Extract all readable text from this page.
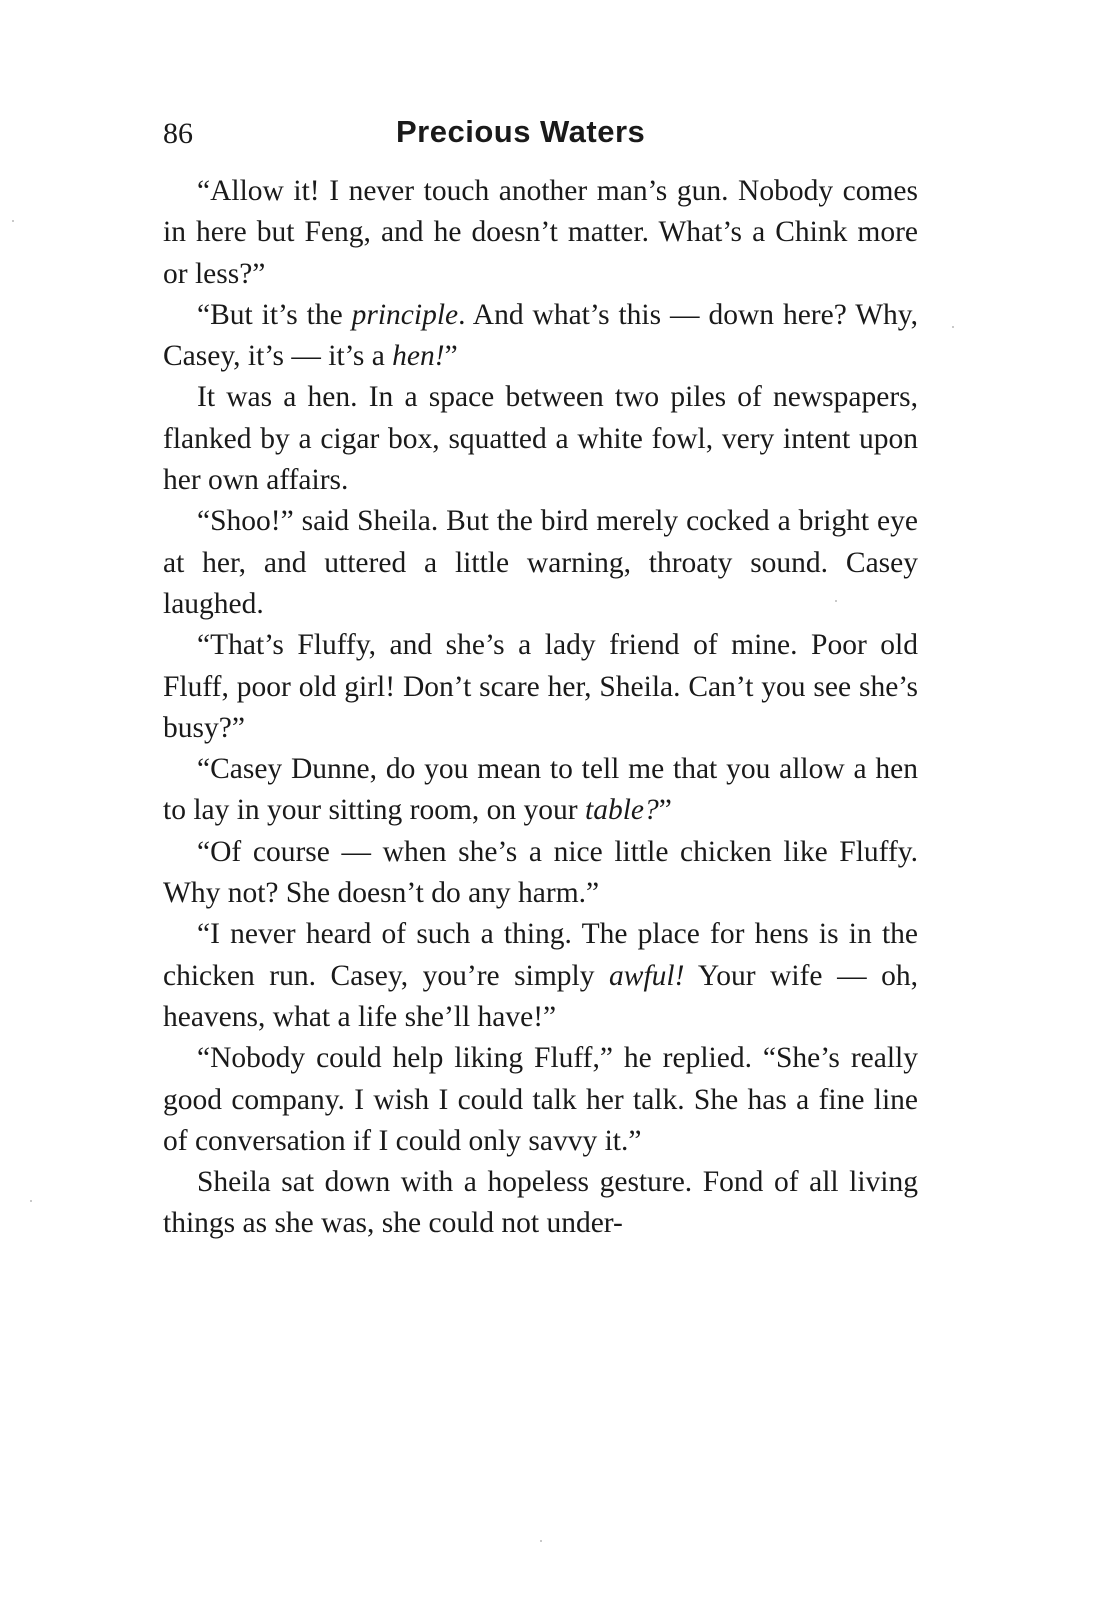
86	Precious Waters

“Allow it! I never touch another man’s gun. Nobody comes in here but Feng, and he doesn’t matter. What’s a Chink more or less?”

“But it’s the principle. And what’s this — down here? Why, Casey, it’s — it’s a hen!”

It was a hen. In a space between two piles of newspapers, flanked by a cigar box, squatted a white fowl, very intent upon her own affairs.

“Shoo!” said Sheila. But the bird merely cocked a bright eye at her, and uttered a little warning, throaty sound. Casey laughed.

“That’s Fluffy, and she’s a lady friend of mine. Poor old Fluff, poor old girl! Don’t scare her, Sheila. Can’t you see she’s busy?”

“Casey Dunne, do you mean to tell me that you allow a hen to lay in your sitting room, on your table?”

“Of course — when she’s a nice little chicken like Fluffy. Why not? She doesn’t do any harm.”

“I never heard of such a thing. The place for hens is in the chicken run. Casey, you’re simply awful! Your wife — oh, heavens, what a life she’ll have!”

“Nobody could help liking Fluff,” he replied. “She’s really good company. I wish I could talk her talk. She has a fine line of conversation if I could only savvy it.”

Sheila sat down with a hopeless gesture. Fond of all living things as she was, she could not under-
